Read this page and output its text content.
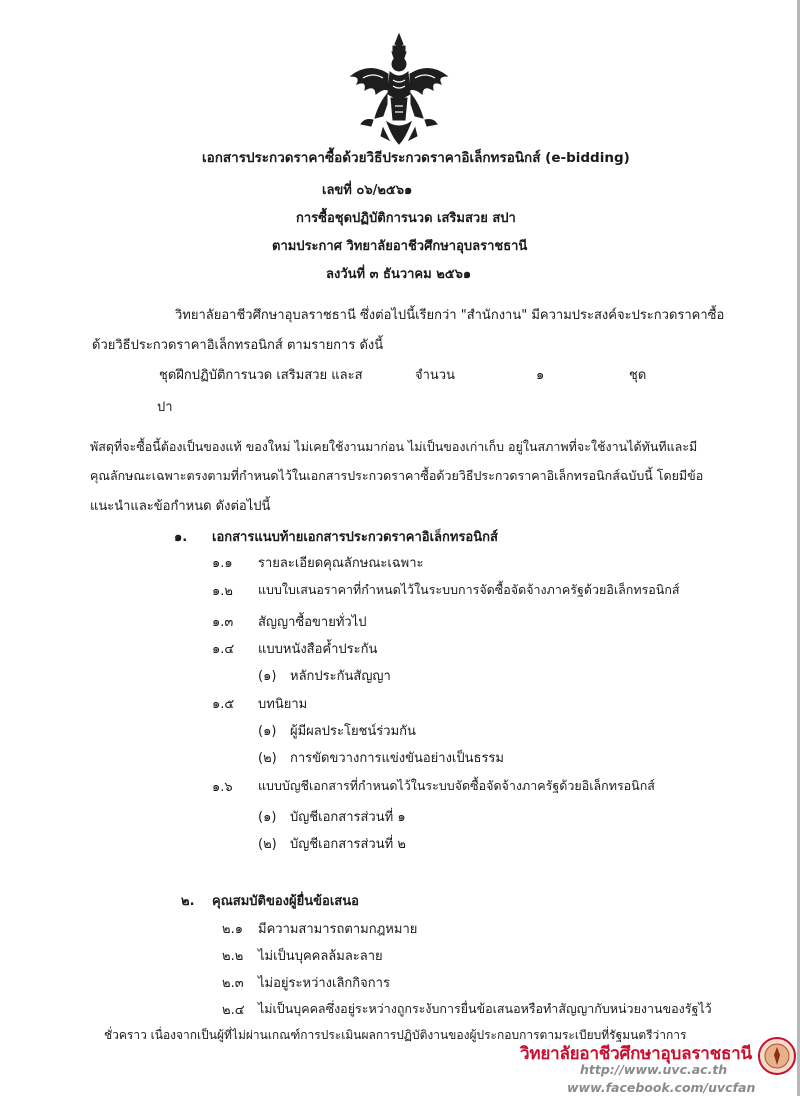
เอกสารประกวดราคาซื้อด้วยวิธีประกวดราคาอิเล็กทรอนิกส์ (e-bidding)
เลขที่ ๐๖/๒๕๖๑
การซื้อชุดปฏิบัติการนวด เสริมสวย สปา
ตามประกาศ วิทยาลัยอาชีวศึกษาอุบลราชธานี
ลงวันที่ ๓ ธันวาคม ๒๕๖๑
วิทยาลัยอาชีวศึกษาอุบลราชธานี ซึ่งต่อไปนี้เรียกว่า "สำนักงาน" มีความประสงค์จะประกวดราคาซื้อ
ด้วยวิธีประกวดราคาอิเล็กทรอนิกส์ ตามรายการ ดังนี้
ชุดฝึกปฏิบัติการนวด เสริมสวย และส	จำนวน	๑	ชุด
ปา
พัสดุที่จะซื้อนี้ต้องเป็นของแท้ ของใหม่ ไม่เคยใช้งานมาก่อน ไม่เป็นของเก่าเก็บ อยู่ในสภาพที่จะใช้งานได้ทันทีและมี
คุณลักษณะเฉพาะตรงตามที่กำหนดไว้ในเอกสารประกวดราคาซื้อด้วยวิธีประกวดราคาอิเล็กทรอนิกส์ฉบับนี้ โดยมีข้อ
แนะนำและข้อกำหนด ดังต่อไปนี้
๑. เอกสารแนบท้ายเอกสารประกวดราคาอิเล็กทรอนิกส์
๑.๑ รายละเอียดคุณลักษณะเฉพาะ
๑.๒ แบบใบเสนอราคาที่กำหนดไว้ในระบบการจัดซื้อจัดจ้างภาครัฐด้วยอิเล็กทรอนิกส์
๑.๓ สัญญาซื้อขายทั่วไป
๑.๔ แบบหนังสือค้ำประกัน
(๑) หลักประกันสัญญา
๑.๕ บทนิยาม
(๑) ผู้มีผลประโยชน์ร่วมกัน
(๒) การขัดขวางการแข่งขันอย่างเป็นธรรม
๑.๖ แบบบัญชีเอกสารที่กำหนดไว้ในระบบจัดซื้อจัดจ้างภาครัฐด้วยอิเล็กทรอนิกส์
(๑) บัญชีเอกสารส่วนที่ ๑
(๒) บัญชีเอกสารส่วนที่ ๒
๒. คุณสมบัติของผู้ยื่นข้อเสนอ
๒.๑ มีความสามารถตามกฎหมาย
๒.๒ ไม่เป็นบุคคลล้มละลาย
๒.๓ ไม่อยู่ระหว่างเลิกกิจการ
๒.๔ ไม่เป็นบุคคลซึ่งอยู่ระหว่างถูกระงับการยื่นข้อเสนอหรือทำสัญญากับหน่วยงานของรัฐไว้
ชั่วคราว เนื่องจากเป็นผู้ที่ไม่ผ่านเกณฑ์การประเมินผลการปฏิบัติงานของผู้ประกอบการตามระเบียบที่รัฐมนตรีว่าการ
วิทยาลัยอาชีวศึกษาอุบลราชธานี
http://www.uvc.ac.th
www.facebook.com/uvcfan
